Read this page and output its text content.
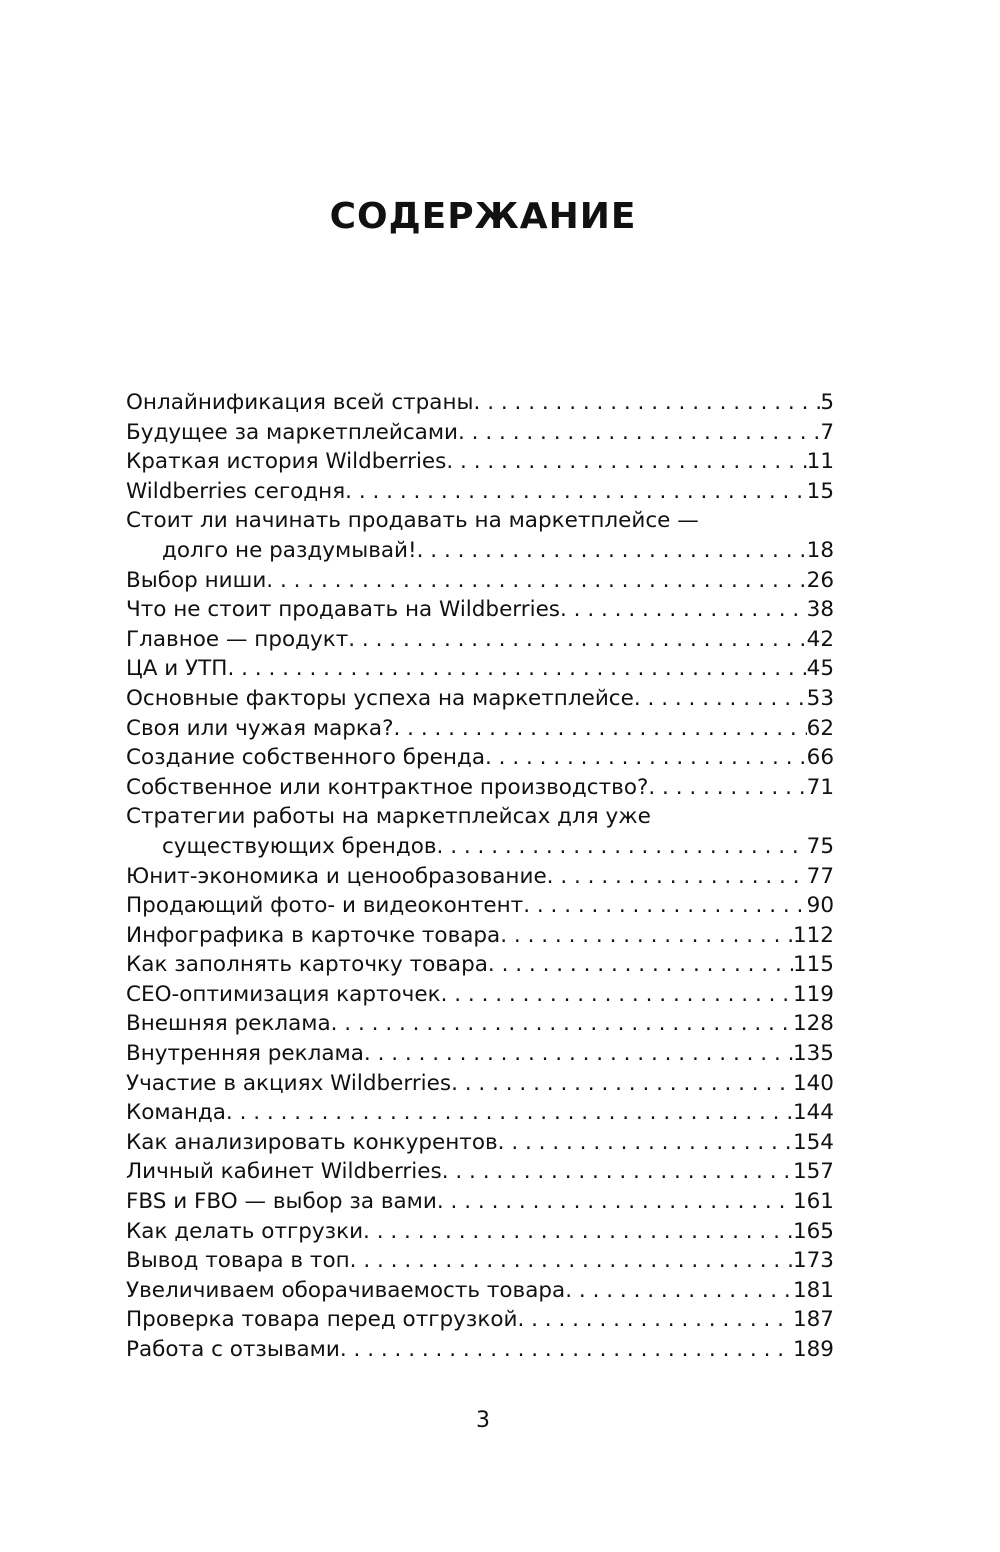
СОДЕРЖАНИЕ
Онлайнификация всей страны . . .	5
Будущее за маркетплейсами . . .	7
Краткая история Wildberries . . .	11
Wildberries сегодня . . .	15
Стоит ли начинать продавать на маркетплейсе —
долго не раздумывай! . . .	18
Выбор ниши . . .	26
Что не стоит продавать на Wildberries . . .	38
Главное — продукт . . .	42
ЦА и УТП . . .	45
Основные факторы успеха на маркетплейсе . . .	53
Своя или чужая марка? . . .	62
Создание собственного бренда . . .	66
Собственное или контрактное производство? . . .	71
Стратегии работы на маркетплейсах для уже
существующих брендов . . .	75
Юнит-экономика и ценообразование . . .	77
Продающий фото- и видеоконтент . . .	90
Инфографика в карточке товара . . .	112
Как заполнять карточку товара . . .	115
СЕО-оптимизация карточек . . .	119
Внешняя реклама . . .	128
Внутренняя реклама . . .	135
Участие в акциях Wildberries . . .	140
Команда . . .	144
Как анализировать конкурентов . . .	154
Личный кабинет Wildberries . . .	157
FBS и FBO — выбор за вами . . .	161
Как делать отгрузки . . .	165
Вывод товара в топ . . .	173
Увеличиваем оборачиваемость товара . . .	181
Проверка товара перед отгрузкой . . .	187
Работа с отзывами . . .	189
3
